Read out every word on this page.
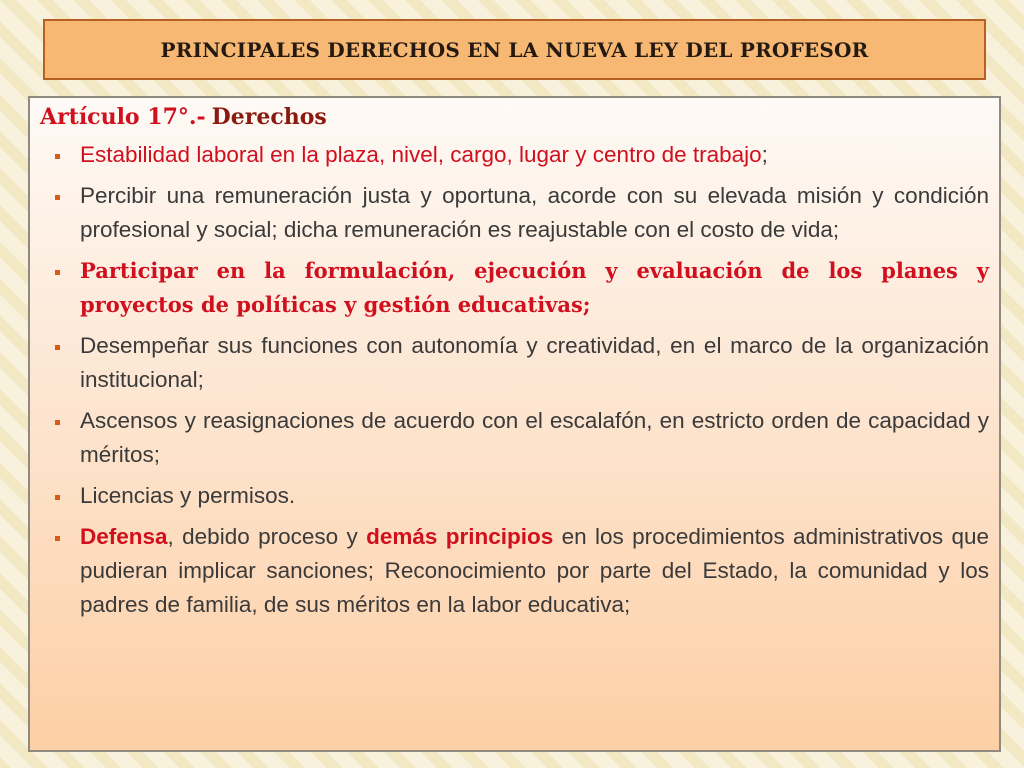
PRINCIPALES DERECHOS EN LA NUEVA LEY DEL PROFESOR
Artículo 17°.- Derechos
Estabilidad laboral en la plaza, nivel, cargo, lugar y centro de trabajo;
Percibir una remuneración justa y oportuna, acorde con su elevada misión y condición profesional y social; dicha remuneración es reajustable con el costo de vida;
Participar en la formulación, ejecución y evaluación de los planes y proyectos de políticas y gestión educativas;
Desempeñar sus funciones con autonomía y creatividad, en el marco de la organización institucional;
Ascensos y reasignaciones de acuerdo con el escalafón, en estricto orden de capacidad y méritos;
Licencias y permisos.
Defensa, debido proceso y demás principios en los procedimientos administrativos que pudieran implicar sanciones; Reconocimiento por parte del Estado, la comunidad y los padres de familia, de sus méritos en la labor educativa;
